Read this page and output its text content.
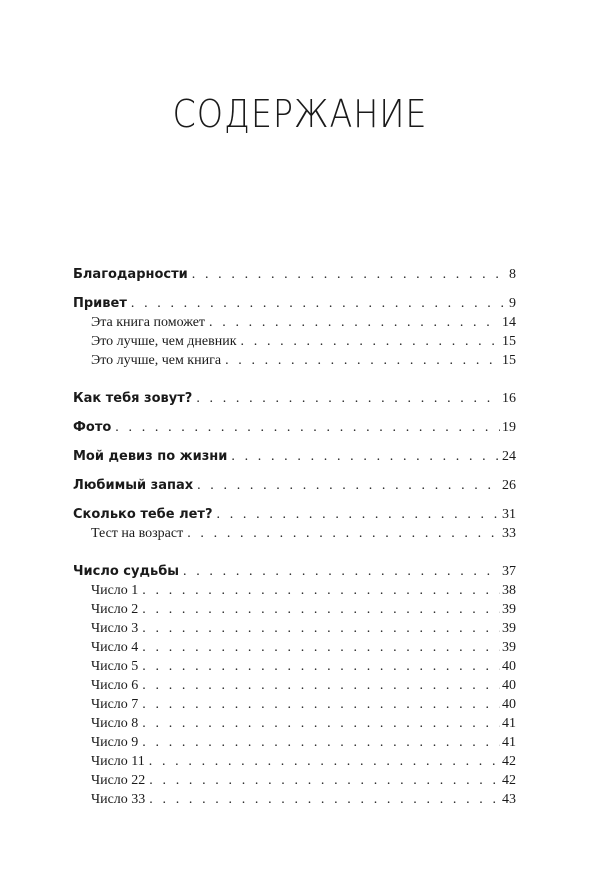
СОДЕРЖАНИЕ
Благодарности . . .	8
Привет . . .	9
Эта книга поможет . . .	14
Это лучше, чем дневник . . .	15
Это лучше, чем книга . . .	15
Как тебя зовут? . . .	16
Фото . . .	19
Мой девиз по жизни . . .	24
Любимый запах . . .	26
Сколько тебе лет? . . .	31
Тест на возраст . . .	33
Число судьбы . . .	37
Число 1 . . .	38
Число 2 . . .	39
Число 3 . . .	39
Число 4 . . .	39
Число 5 . . .	40
Число 6 . . .	40
Число 7 . . .	40
Число 8 . . .	41
Число 9 . . .	41
Число 11 . . .	42
Число 22 . . .	42
Число 33 . . .	43
